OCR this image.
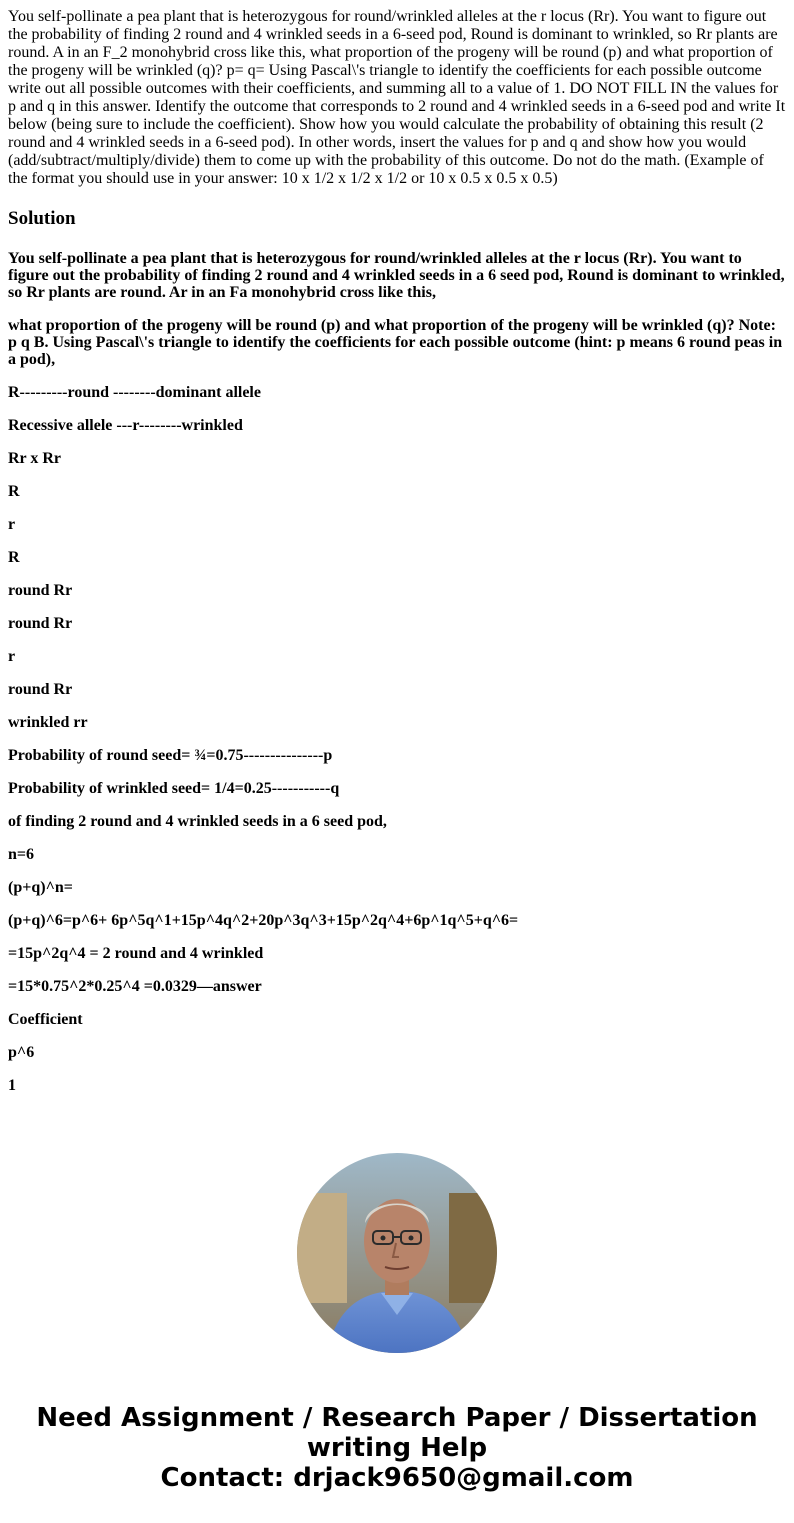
You self-pollinate a pea plant that is heterozygous for round/wrinkled alleles at the r locus (Rr). You want to figure out the probability of finding 2 round and 4 wrinkled seeds in a 6-seed pod, Round is dominant to wrinkled, so Rr plants are round. A in an F_2 monohybrid cross like this, what proportion of the progeny will be round (p) and what proportion of the progeny will be wrinkled (q)? p= q= Using Pascal\'s triangle to identify the coefficients for each possible outcome write out all possible outcomes with their coefficients, and summing all to a value of 1. DO NOT FILL IN the values for p and q in this answer. Identify the outcome that corresponds to 2 round and 4 wrinkled seeds in a 6-seed pod and write It below (being sure to include the coefficient). Show how you would calculate the probability of obtaining this result (2 round and 4 wrinkled seeds in a 6-seed pod). In other words, insert the values for p and q and show how you would (add/subtract/multiply/divide) them to come up with the probability of this outcome. Do not do the math. (Example of the format you should use in your answer: 10 x 1/2 x 1/2 x 1/2 or 10 x 0.5 x 0.5 x 0.5)

Solution

You self-pollinate a pea plant that is heterozygous for round/wrinkled alleles at the r locus (Rr). You want to figure out the probability of finding 2 round and 4 wrinkled seeds in a 6 seed pod, Round is dominant to wrinkled, so Rr plants are round. Ar in an Fa monohybrid cross like this,

what proportion of the progeny will be round (p) and what proportion of the progeny will be wrinkled (q)? Note: p q B. Using Pascal\'s triangle to identify the coefficients for each possible outcome (hint: p means 6 round peas in a pod),

R---------round --------dominant allele

Recessive allele ---r--------wrinkled

Rr x Rr

R

r

R

round Rr

round Rr

r

round Rr

wrinkled rr

Probability of round seed= ¾=0.75---------------p

Probability of wrinkled seed= 1/4=0.25-----------q

of finding 2 round and 4 wrinkled seeds in a 6 seed pod,

n=6

(p+q)^n=

(p+q)^6=p^6+ 6p^5q^1+15p^4q^2+20p^3q^3+15p^2q^4+6p^1q^5+q^6=

=15p^2q^4 = 2 round and 4 wrinkled

=15*0.75^2*0.25^4 =0.0329—answer

Coefficient

p^6

1

Need Assignment / Research Paper / Dissertation
writing Help
Contact: drjack9650@gmail.com
